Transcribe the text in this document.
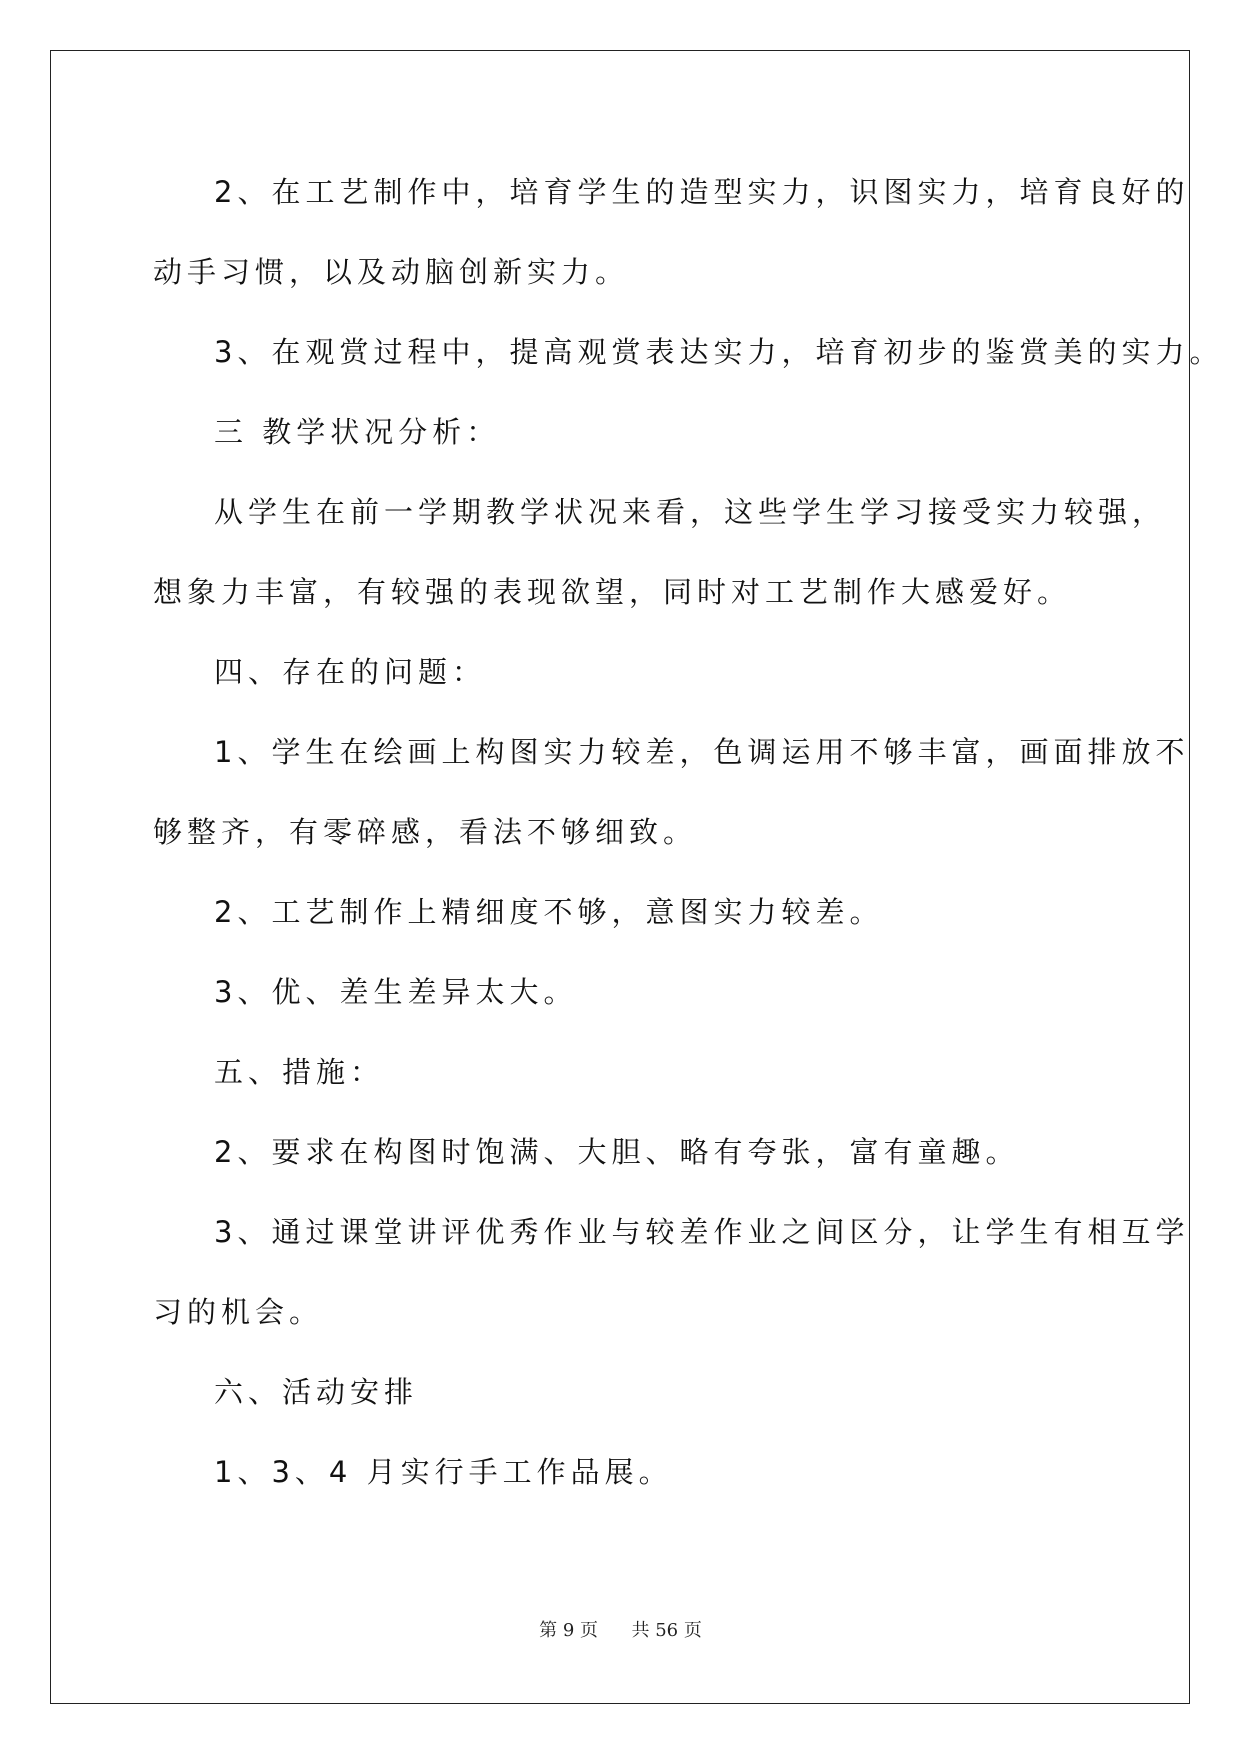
2、在工艺制作中，培育学生的造型实力，识图实力，培育良好的
动手习惯，以及动脑创新实力。
3、在观赏过程中，提高观赏表达实力，培育初步的鉴赏美的实力。
三 教学状况分析：
从学生在前一学期教学状况来看，这些学生学习接受实力较强，
想象力丰富，有较强的表现欲望，同时对工艺制作大感爱好。
四、存在的问题：
1、学生在绘画上构图实力较差，色调运用不够丰富，画面排放不
够整齐，有零碎感，看法不够细致。
2、工艺制作上精细度不够，意图实力较差。
3、优、差生差异太大。
五、措施：
2、要求在构图时饱满、大胆、略有夸张，富有童趣。
3、通过课堂讲评优秀作业与较差作业之间区分，让学生有相互学
习的机会。
六、活动安排
1、3、4 月实行手工作品展。
第 9 页 共 56 页
